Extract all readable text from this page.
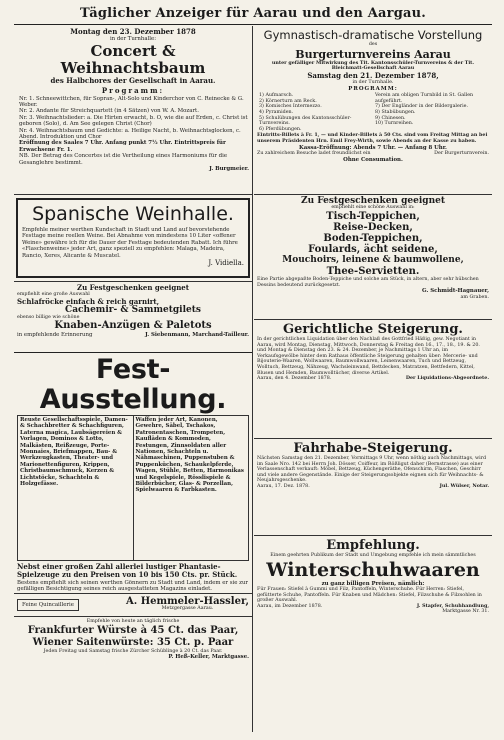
Täglicher Anzeiger für Aarau und den Aargau.
Montag den 23. Dezember 1878
in der Turnhalle:
Concert & Weihnachtsbaum
des Halbchores der Gesellschaft in Aarau.
Programm:
Nr. 1. Schneewittchen, für Sopran-, Alt-Solo und Kinderchor von C. Reinecke & G. Weber.
Nr. 2. Andante für Streichquartett (in 4 Sätzen) von W. A. Mozart.
Nr. 3. Weihnachtslieder: a. Die Hirten erwacht, b. O, wie die auf Erden, c. Christ ist geboren (Solo), d. Am See gelegen Christ (Chor)
Nr. 4. Weihnachtsbaum und Gedichte: a. Heilige Nacht, b. Weihnachtsglocken, c. Abend. Introduktion und Chor
Eröffnung des Saales 7 Uhr. Anfang punkt 7½ Uhr. Eintrittspreis für Erwachsene Fr. 1.
NB. Der Betrag des Concertes ist die Vertheilung eines Harmoniums für die Gesanglehre bestimmt.
J. Burgmeier.
Spanische Weinhalle.
Empfehle meiner werthen Kundschaft in Stadt und Land auf bevorstehende Festtage meine reellen Weine. Bei Abnahme von mindestens 10 Liter «offener Weine» gewähre ich für die Dauer der Festtage bedeutenden Rabatt. Ich führe «Flaschenweine» jeder Art, ganz speziell zu empfehlen: Malaga, Madeira, Rancio, Xeres, Alicante & Muscatel.
J. Vidiella.
Zu Festgeschenken geeignet
empfiehlt eine große Auswahl
Schlafröcke einfach & reich garnirt,
Cachemir- & Sammetgilets
ebenso billige wie schöne
Knaben-Anzügen & Paletots
in empfehlende Erinnerung	J. Siebenmann, Marchand-Tailleur.
Fest-Ausstellung.
Reuste Gesellschaftsspiele, Damen- & Schachbretter & Schachfiguren, Laterna magica, Laubsägereien & Vorlagen, Dominos & Lotto, Malkästen, Reißzeuge, Porte-Monnaies, Briefmappen, Bau- & Werkzeugkasten, Theater- und Marionettenfiguren, Krippen, Christbaumschmuck, Kerzen & Lichtstöcke, Schachteln & Holzgefässe.
Waffen jeder Art, Kanonen, Gewehre, Säbel, Tschakos, Patronentaschen, Trompeten, Kaufläden & Kommoden, Festungen, Zinnsoldaten aller Nationen, Schachteln u. Nähmaschinen, Puppenstuben & Puppenküchen, Schaukelpferde, Wagen, Stühle, Betten, Harmonikas und Kegelspiele, Rösslispiele & Bilderbücher, Glas- & Porzellan, Spielwaaren & Farbkasten.
Nebst einer großen Zahl allerlei lustiger Phantasie-Spielzeuge zu den Preisen von 10 bis 150 Cts. pr. Stück.
Bestens empfiehlt sich seinen werthen Gönnern zu Stadt und Land, indem er sie zur gefälligen Besichtigung seines reich ausgestatteten Magazins einladet.
Feine Quincaillerie	A. Hemmeler-Hassler,
Metzgergasse Aarau.
Empfehle von heute an täglich frische
Frankfurter Würste à 45 Ct. das Paar,
Wiener Saitenwürste: 35 Ct. p. Paar
Jeden Freitag und Samstag frische Zürcher Schüblinge à 20 Ct. das Paar.
P. Heß-Keller, Marktgasse.
Gymnastisch-dramatische Vorstellung
des
Burgerturnvereins Aarau
unter gefälliger Mitwirkung des Tit. Kantonsschüler-Turnvereins & der Tit. Bleichmatt-Gesellschaft Aarau
Samstag den 21. Dezember 1878,
in der Turnhalle.
PROGRAMM:
1) Aufmarsch.
2) Körnerturn am Reck.
3) Komisches Intermezzo.
4) Pyramiden.
5) Schulübungen des Kantonsschüler-Turnvereins.
6) Pferdübungen.
Verein am obligen Turnbild in St. Gallen aufgeführt.
7) Der Engländer in der Bildergalerie.
8) Stabübungen.
9) Chinesen.
10) Turnreihen.
Eintritts-Billets à Fr. 1, — und Kinder-Billets à 50 Cts. sind vom Freitag Mittag an bei unserem Präsidenten Hrn. Emil Frey-Wirth, sowie Abends an der Kasse zu haben.
Kassa-Eröffnung: Abends 7 Uhr. — Anfang 8 Uhr.
Zu zahlreichem Besuche ladet freundlichst ein	Der Burgerturnverein.
Ohne Consumation.
Zu Festgeschenken geeignet
empfiehlt eine schöne Auswahl in:
Tisch-Teppichen,
Reise-Decken,
Boden-Teppichen,
Foulards, ächt seidene,
Mouchoirs, leinene & baumwollene,
Thee-Servietten.
Eine Partie abgepaßte Boden-Teppiche und solche am Stück, in altern, aber sehr hübschen Dessins bedeutend zurückgesetzt.
G. Schmidt-Hagnauer,
am Graben.
Gerichtliche Steigerung.
In der gerichtlichen Liquidation über den Nachlaß des Gottfried Häßig, gew. Negotiant in Aarau, wird Montag, Dienstag, Mittwoch, Donnerstag & Freitag den 16., 17., 18., 19. & 20. und Montag & Dienstag den 23. & 24. Dezember, je Nachmittags 1 Uhr an, im Verkaufsgewölbe hinter dem Rathaus öffentliche Steigerung gehalten über: Mercerie- und Bijouterie-Waaren, Wollwaaren, Baumwollwaaren, Leinenwaaren, Tuch und Bettzeug, Wolltuch, Bettzeug, Nähzeug, Wachsleinwand, Bettdecken, Matratzen, Bettfedern, Kittel, Blusen und Hemden, Baumwolltücher, diverse Artikel.
Aarau, den 4. Dezember 1878.	Der Liquidations-Abgeordnete.
Fahrhabe-Steigerung.
Nächsten Samstag den 21. Dezember, Vormittags 9 Uhr, wenn nöthig auch Nachmittags, wird im Saale Nro. 142 bei Herrn Joh. Dösser, Coiffeur, im Rößligut daher (Bernstrasse) aus einer Verlassenschaft verkauft: Möbel, Bettzeug, Küchengeräthe, Ofenschirm, Flaschen, Geschirr und viele andere Gegenstände. Einige der Steigerungsobjekte eignen sich für Weihnachts- & Neujahrsgeschenke.
Aarau, 17. Dez. 1878.	Jul. Wülser, Notar.
Empfehlung.
Einem geehrten Publikum der Stadt und Umgebung empfehle ich mein sämmtliches
Winterschuhwaaren
zu ganz billigen Preisen, nämlich:
Für Frauen: Stiefel à Gummi und Filz, Pantoffeln, Winterschuhe. Für Herren: Stiefel, gefütterte Schuhe, Pantoffeln. Für Knaben und Mädchen: Stiefel, Filzschuhe & Filzsohlen in großer Auswahl.
Aarau, im Dezember 1878.	J. Stapfer, Schuhhandlung,
Marktgasse Nr. 31.
